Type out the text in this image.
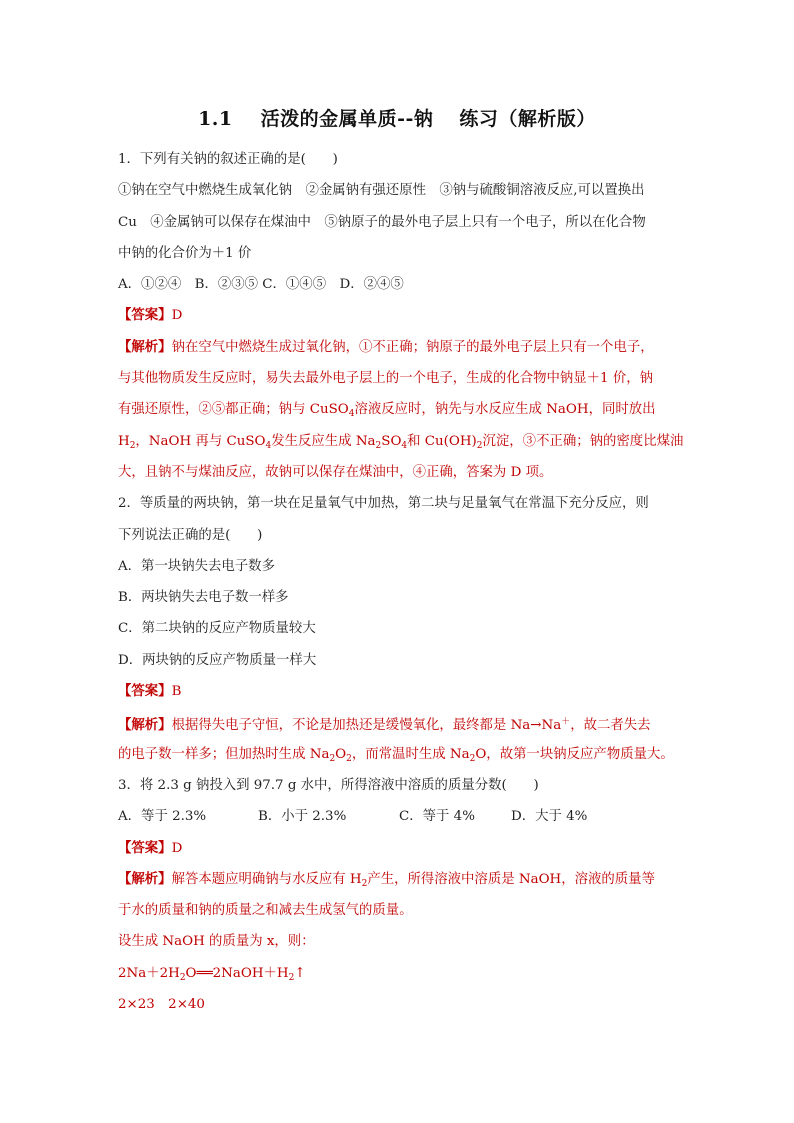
1.1 活泼的金属单质--钠 练习（解析版）
1．下列有关钠的叙述正确的是(　　)
①钠在空气中燃烧生成氧化钠　②金属钠有强还原性　③钠与硫酸铜溶液反应,可以置换出
Cu　④金属钠可以保存在煤油中　⑤钠原子的最外电子层上只有一个电子，所以在化合物
中钠的化合价为＋1 价
A．①②④　B．②③⑤ C．①④⑤　D．②④⑤
【答案】D
【解析】钠在空气中燃烧生成过氧化钠，①不正确；钠原子的最外电子层上只有一个电子，
与其他物质发生反应时，易失去最外电子层上的一个电子，生成的化合物中钠显＋1 价，钠
有强还原性，②⑤都正确；钠与 CuSO$_4$溶液反应时，钠先与水反应生成 NaOH，同时放出
$H_2$，NaOH 再与 CuSO$_4$发生反应生成 $Na_2SO_4$和 $Cu(OH)_2$沉淀，③不正确；钠的密度比煤油
大，且钠不与煤油反应，故钠可以保存在煤油中，④正确，答案为 D 项。
2．等质量的两块钠，第一块在足量氧气中加热，第二块与足量氧气在常温下充分反应，则
下列说法正确的是(　　)
A．第一块钠失去电子数多
B．两块钠失去电子数一样多
C．第二块钠的反应产物质量较大
D．两块钠的反应产物质量一样大
【答案】B
【解析】根据得失电子守恒，不论是加热还是缓慢氧化，最终都是 Na→Na＋，故二者失去
的电子数一样多；但加热时生成 $Na_2O_2$，而常温时生成 $Na_2O$，故第一块钠反应产物质量大。
3．将 2.3 g 钠投入到 97.7 g 水中，所得溶液中溶质的质量分数(　　)
A．等于 2.3%	B．小于 2.3%	C．等于 4%	D．大于 4%
【答案】D
【解析】解答本题应明确钠与水反应有 $H_2$产生，所得溶液中溶质是 NaOH，溶液的质量等
于水的质量和钠的质量之和减去生成氢气的质量。
设生成 NaOH 的质量为 x，则：
$2Na+2H_2O══2NaOH+H_2↑$
2×23　2×40
